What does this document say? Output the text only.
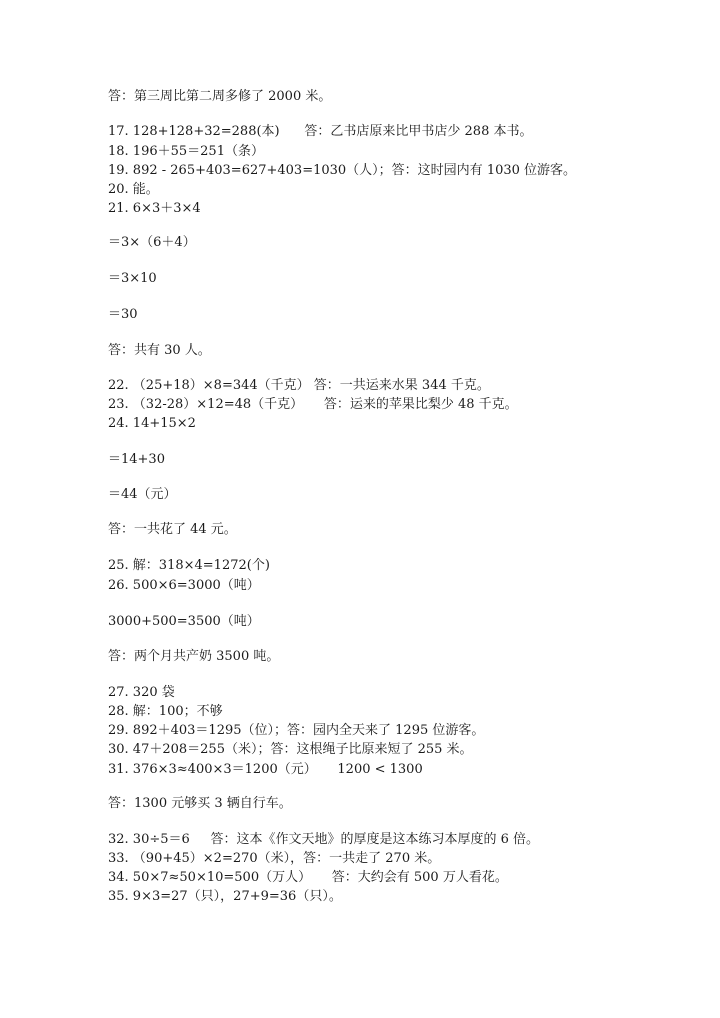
答：第三周比第二周多修了 2000 米。
17. 128+128+32=288(本)      答：乙书店原来比甲书店少 288 本书。
18. 196＋55＝251（条）
19. 892 - 265+403=627+403=1030（人）；答：这时园内有 1030 位游客。
20. 能。
21. 6×3＋3×4
＝3×（6＋4）
＝3×10
＝30
答：共有 30 人。
22. （25+18）×8=344（千克） 答：一共运来水果 344 千克。
23. （32-28）×12=48（千克）     答：运来的苹果比梨少 48 千克。
24. 14+15×2
＝14+30
＝44（元）
答：一共花了 44 元。
25. 解：318×4=1272(个)
26. 500×6=3000（吨）
3000+500=3500（吨）
答：两个月共产奶 3500 吨。
27. 320 袋
28. 解：100；不够
29. 892＋403＝1295（位）；答：园内全天来了 1295 位游客。
30. 47＋208＝255（米）；答：这根绳子比原来短了 255 米。
31. 376×3≈400×3＝1200（元）     1200 < 1300
答：1300 元够买 3 辆自行车。
32. 30÷5＝6     答：这本《作文天地》的厚度是这本练习本厚度的 6 倍。
33. （90+45）×2=270（米），答：一共走了 270 米。
34. 50×7≈50×10=500（万人）     答：大约会有 500 万人看花。
35. 9×3=27（只），27+9=36（只）。
